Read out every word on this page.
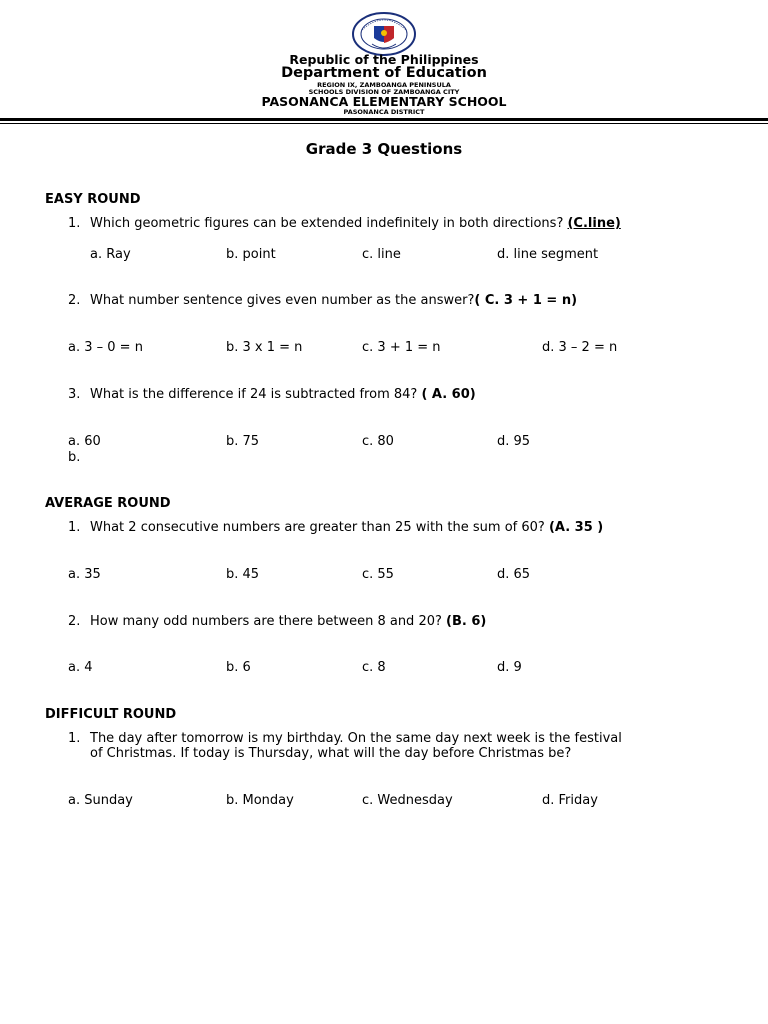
Republic of the Philippines
Department of Education
REGION IX, ZAMBOANGA PENINSULA
SCHOOLS DIVISION OF ZAMBOANGA CITY
PASONANCA ELEMENTARY SCHOOL
PASONANCA DISTRICT
Grade 3 Questions
EASY ROUND
1. Which geometric figures can be extended indefinitely in both directions? (C.line)
a. Ray	b. point	c. line	d. line segment
2. What number sentence gives even number as the answer?( C. 3 + 1 = n)
a. 3 – 0 = n	b. 3 x 1 = n	c. 3 + 1 = n	d. 3 – 2 = n
3. What is the difference if 24 is subtracted from 84? ( A. 60)
a. 60	b. 75	c. 80	d. 95
b.
AVERAGE ROUND
1. What 2 consecutive numbers are greater than 25 with the sum of 60? (A. 35 )
a. 35	b. 45	c. 55	d. 65
2. How many odd numbers are there between 8 and 20? (B. 6)
a. 4	b. 6	c. 8	d. 9
DIFFICULT ROUND
1. The day after tomorrow is my birthday. On the same day next week is the festival
of Christmas. If today is Thursday, what will the day before Christmas be?
a. Sunday	b. Monday	c. Wednesday	d. Friday
